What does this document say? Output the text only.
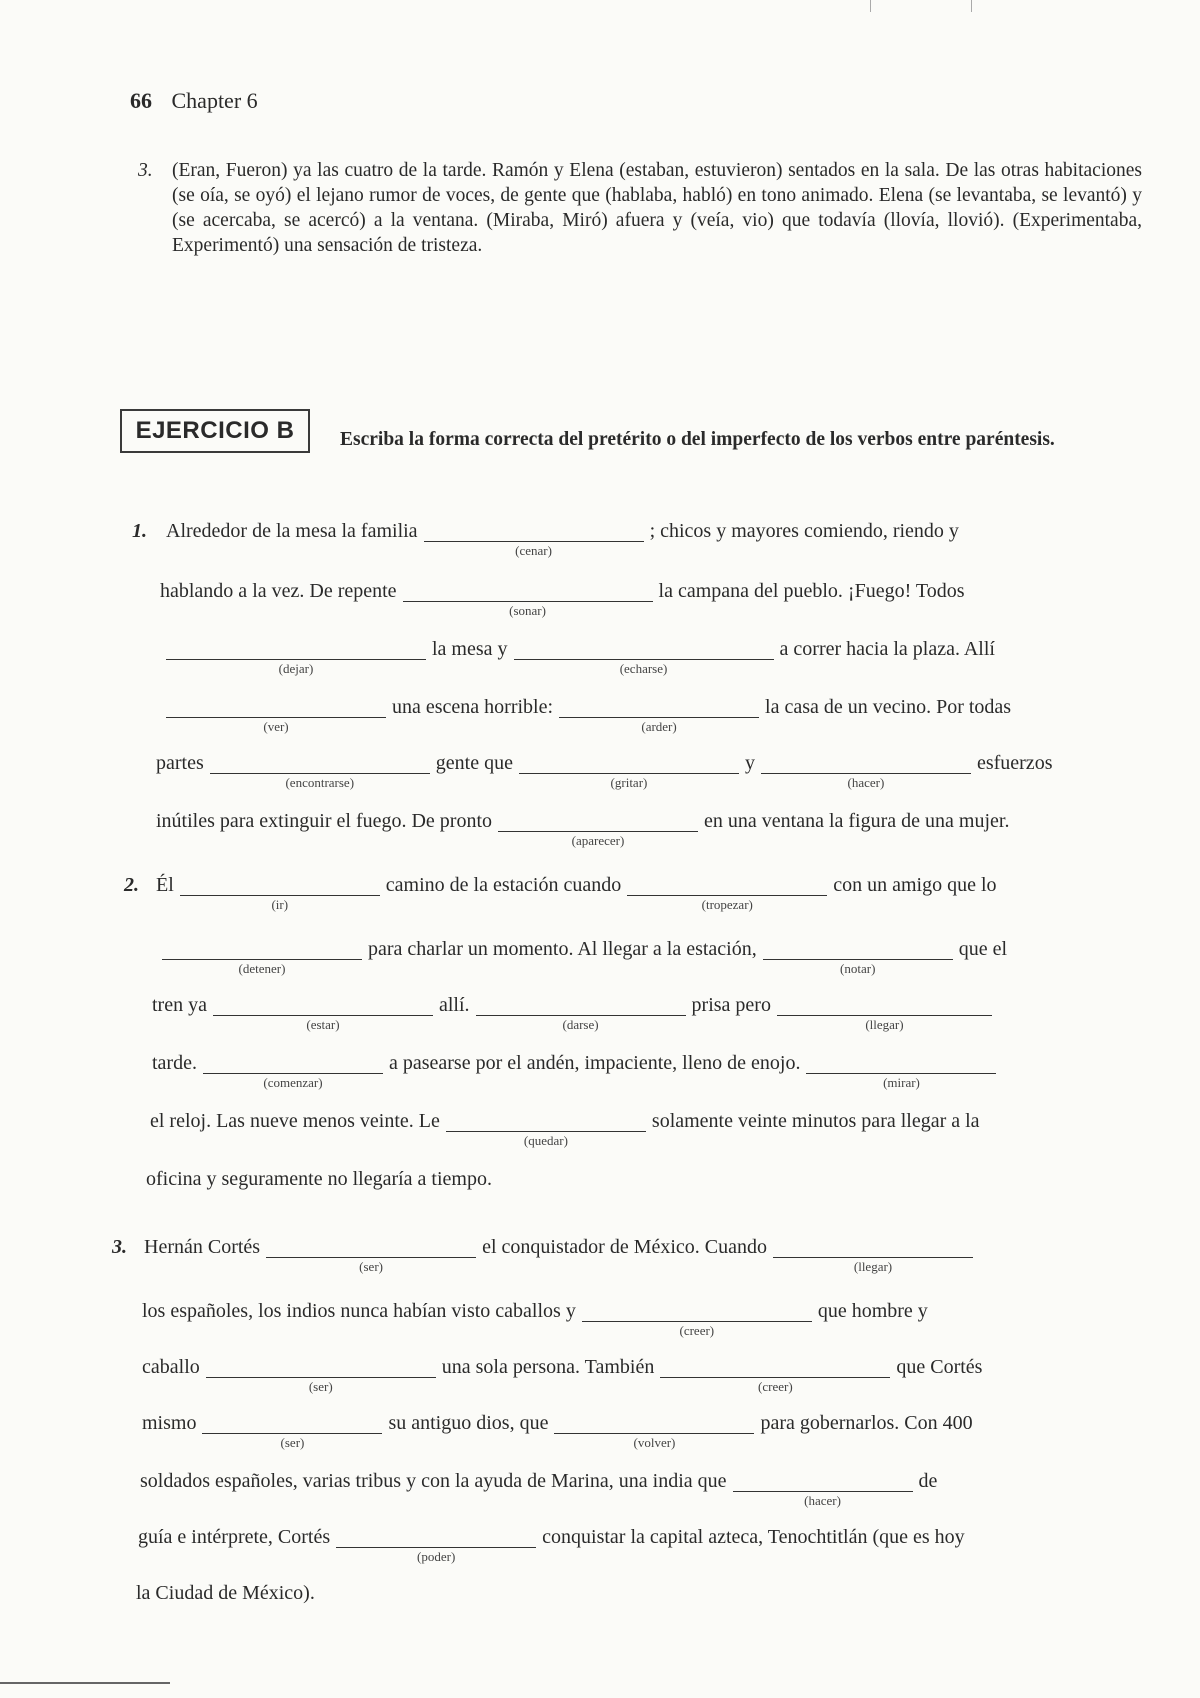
66 Chapter 6
3. (Eran, Fueron) ya las cuatro de la tarde. Ramón y Elena (estaban, estuvieron) sentados en la sala. De las otras habitaciones (se oía, se oyó) el lejano rumor de voces, de gente que (hablaba, habló) en tono animado. Elena (se levantaba, se levantó) y (se acercaba, se acercó) a la ventana. (Miraba, Miró) afuera y (veía, vio) que todavía (llovía, llovió). (Experimentaba, Experimentó) una sensación de tristeza.
EJERCICIO B	Escriba la forma correcta del pretérito o del imperfecto de los verbos entre paréntesis.
1. Alrededor de la mesa la familia
(cenar)
; chicos y mayores comiendo, riendo y
hablando a la vez. De repente
(sonar)
la campana del pueblo. ¡Fuego! Todos
(dejar)
la mesa y
(echarse)
a correr hacia la plaza. Allí
(ver)
una escena horrible:
(arder)
la casa de un vecino. Por todas
partes
(encontrarse)
gente que
(gritar)
y
(hacer)
esfuerzos
inútiles para extinguir el fuego. De pronto
(aparecer)
en una ventana la figura de una mujer.
2. Él
(ir)
camino de la estación cuando
(tropezar)
con un amigo que lo
(detener)
para charlar un momento. Al llegar a la estación,
(notar)
que el
tren ya
(estar)
allí.
(darse)
prisa pero
(llegar)
tarde.
(comenzar)
a pasearse por el andén, impaciente, lleno de enojo.
(mirar)
el reloj. Las nueve menos veinte. Le
(quedar)
solamente veinte minutos para llegar a la
oficina y seguramente no llegaría a tiempo.
3. Hernán Cortés
(ser)
el conquistador de México. Cuando
(llegar)
los españoles, los indios nunca habían visto caballos y
(creer)
que hombre y
caballo
(ser)
una sola persona. También
(creer)
que Cortés
mismo
(ser)
su antiguo dios, que
(volver)
para gobernarlos. Con 400
soldados españoles, varias tribus y con la ayuda de Marina, una india que
(hacer)
de
guía e intérprete, Cortés
(poder)
conquistar la capital azteca, Tenochtitlán (que es hoy
la Ciudad de México).
